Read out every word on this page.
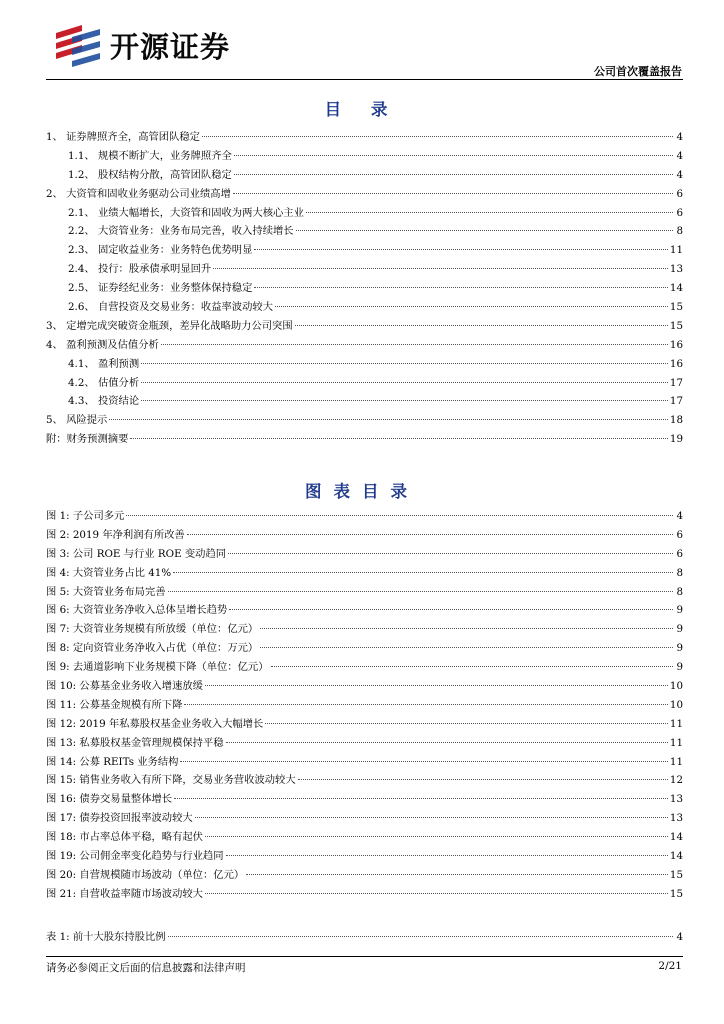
开源证券
公司首次覆盖报告
目 录
1、 证券牌照齐全，高管团队稳定	4
1.1、 规模不断扩大，业务牌照齐全	4
1.2、 股权结构分散，高管团队稳定	4
2、 大资管和固收业务驱动公司业绩高增	6
2.1、 业绩大幅增长，大资管和固收为两大核心主业	6
2.2、 大资管业务：业务布局完善，收入持续增长	8
2.3、 固定收益业务：业务特色优势明显	11
2.4、 投行：股承债承明显回升	13
2.5、 证券经纪业务：业务整体保持稳定	14
2.6、 自营投资及交易业务：收益率波动较大	15
3、 定增完成突破资金瓶颈，差异化战略助力公司突围	15
4、 盈利预测及估值分析	16
4.1、 盈利预测	16
4.2、 估值分析	17
4.3、 投资结论	17
5、 风险提示	18
附：财务预测摘要	19
图表目录
图 1: 子公司多元	4
图 2: 2019 年净利润有所改善	6
图 3: 公司 ROE 与行业 ROE 变动趋同	6
图 4: 大资管业务占比 41%	8
图 5: 大资管业务布局完善	8
图 6: 大资管业务净收入总体呈增长趋势	9
图 7: 大资管业务规模有所放缓（单位：亿元）	9
图 8: 定向资管业务净收入占优（单位：万元）	9
图 9: 去通道影响下业务规模下降（单位：亿元）	9
图 10: 公募基金业务收入增速放缓	10
图 11: 公募基金规模有所下降	10
图 12: 2019 年私募股权基金业务收入大幅增长	11
图 13: 私募股权基金管理规模保持平稳	11
图 14: 公募 REITs 业务结构	11
图 15: 销售业务收入有所下降，交易业务营收波动较大	12
图 16: 债券交易量整体增长	13
图 17: 债券投资回报率波动较大	13
图 18: 市占率总体平稳，略有起伏	14
图 19: 公司佣金率变化趋势与行业趋同	14
图 20: 自营规模随市场波动（单位：亿元）	15
图 21: 自营收益率随市场波动较大	15
表 1: 前十大股东持股比例	4
请务必参阅正文后面的信息披露和法律声明	2/21
